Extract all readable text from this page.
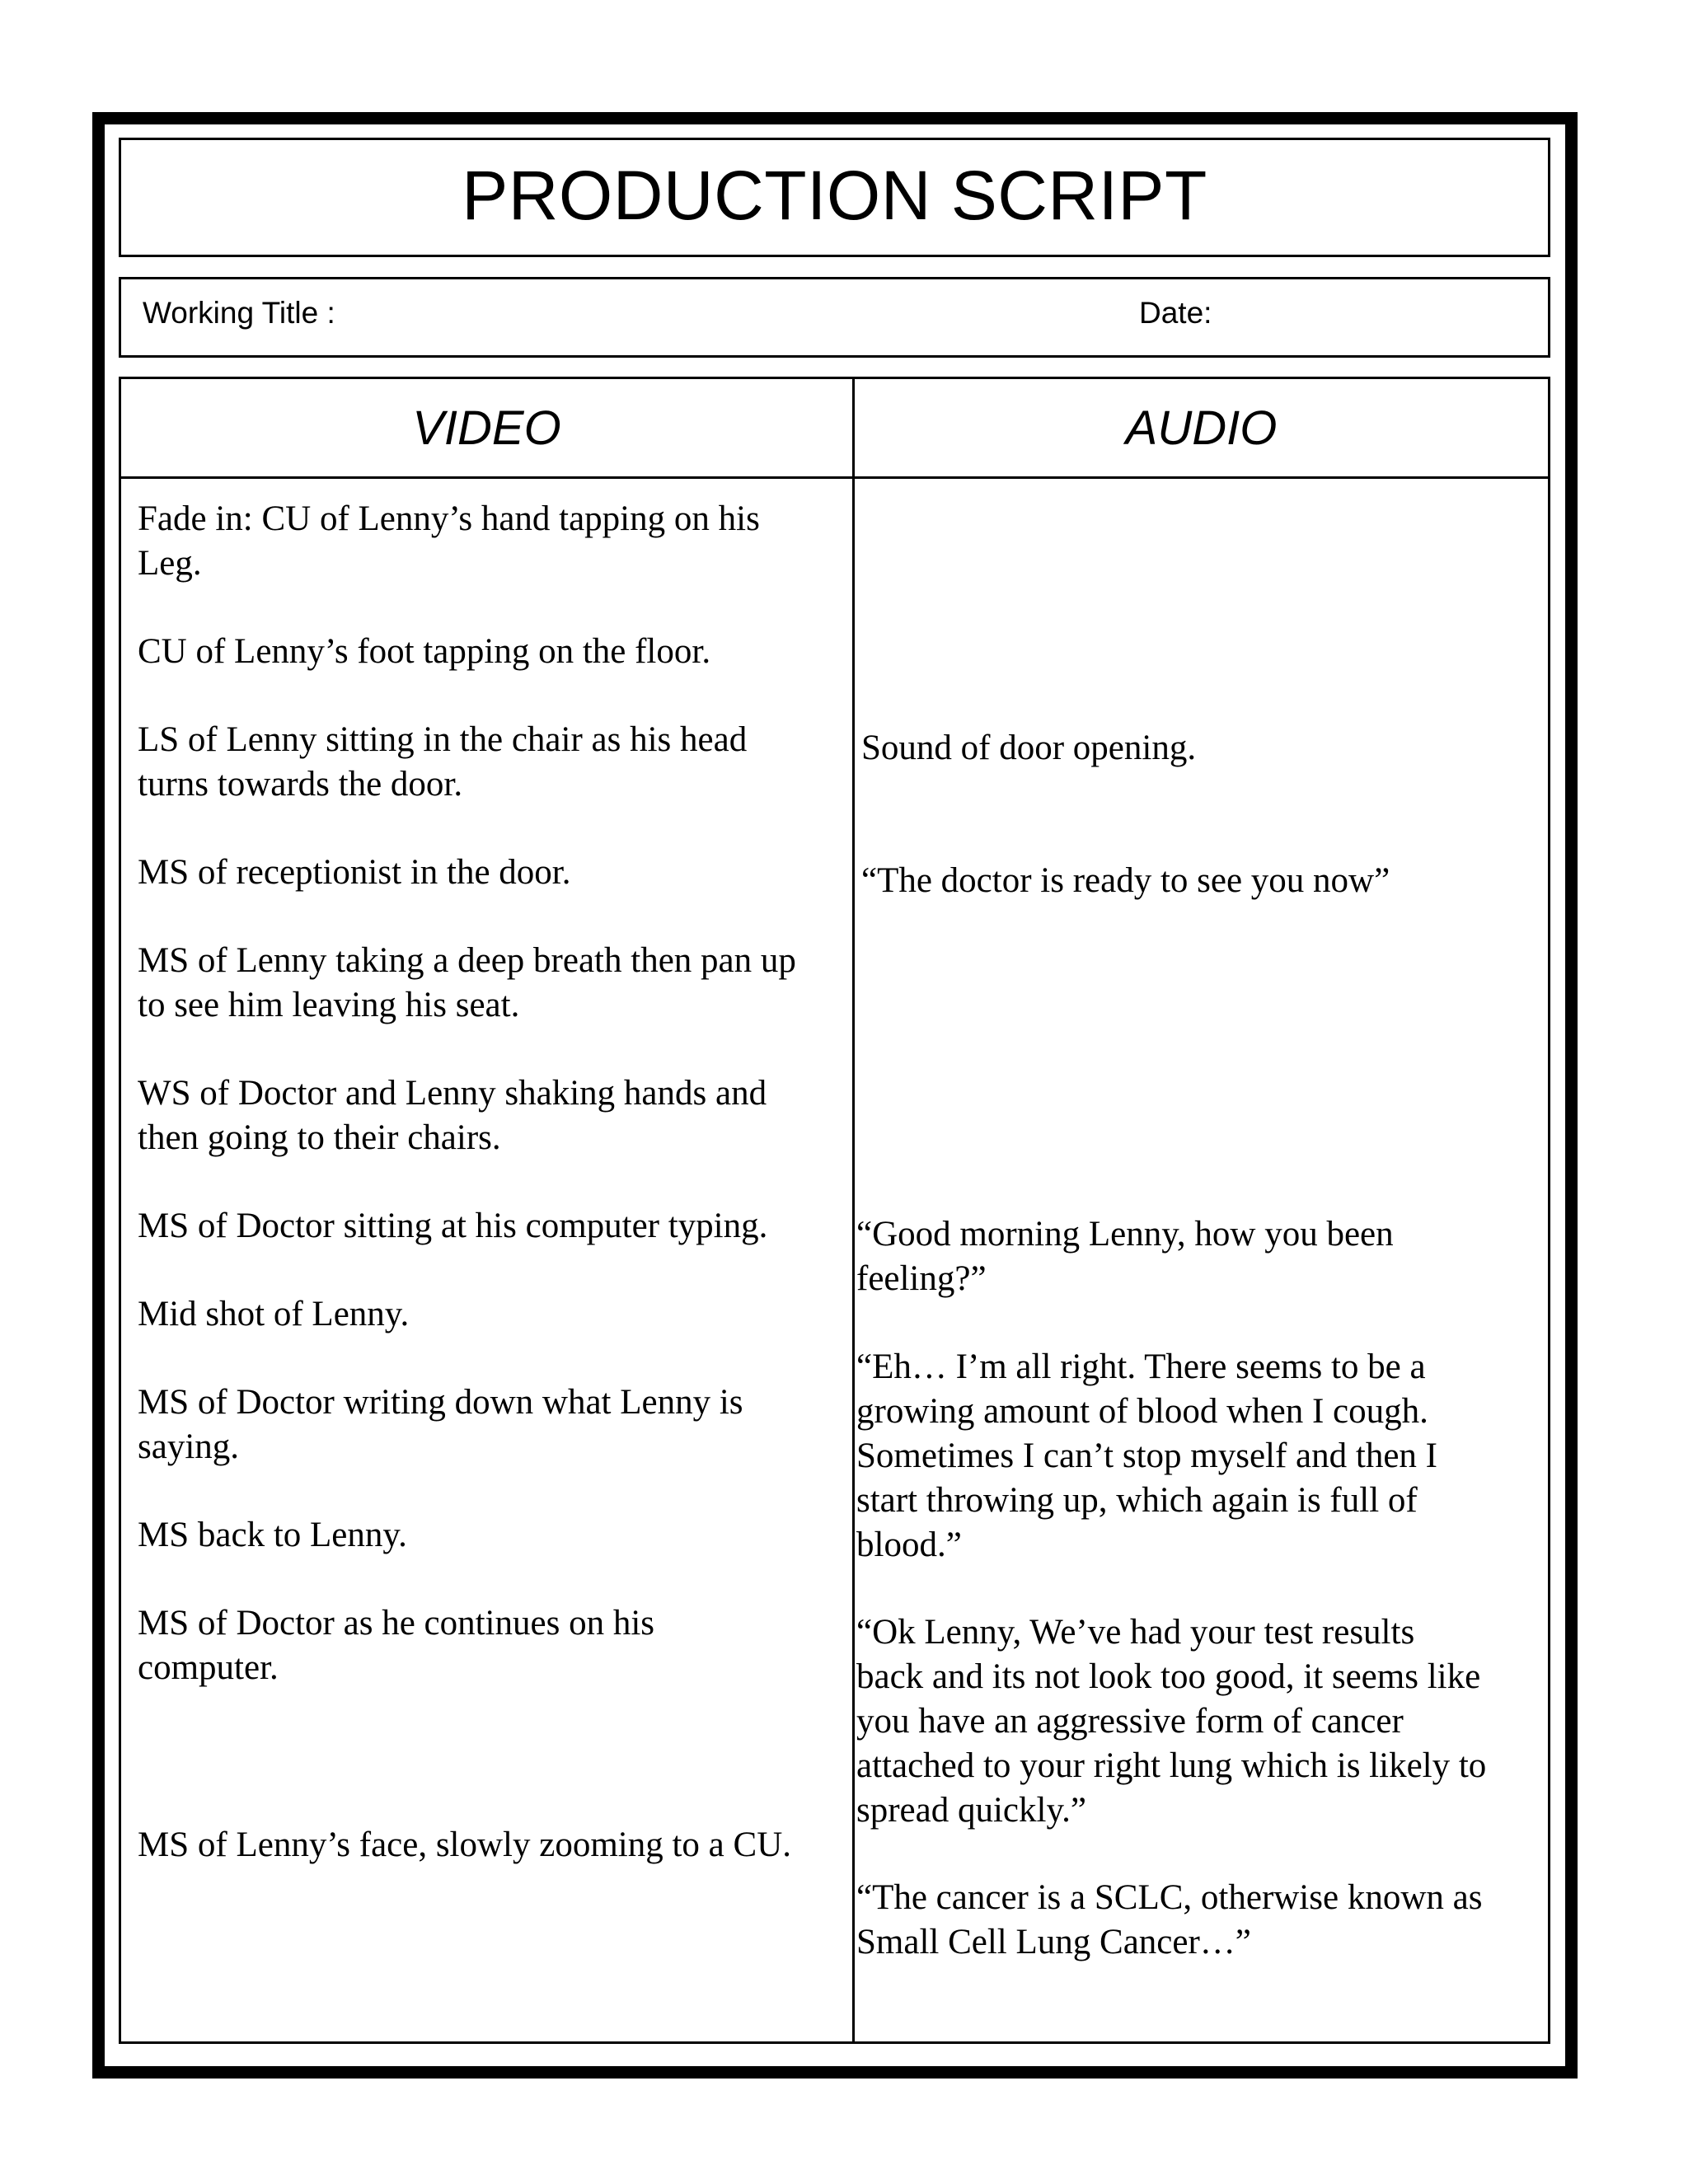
PRODUCTION SCRIPT
Working Title :	Date:
VIDEO	AUDIO
Fade in: CU of Lenny’s hand tapping on his
Leg.
CU of Lenny’s foot tapping on the floor.
LS of Lenny sitting in the chair as his head
turns towards the door.
MS of receptionist in the door.
MS of Lenny taking a deep breath then pan up
to see him leaving his seat.
WS of Doctor and Lenny shaking hands and
then going to their chairs.
MS of Doctor sitting at his computer typing.
Mid shot of Lenny.
MS of Doctor writing down what Lenny is
saying.
MS back to Lenny.
MS of Doctor as he continues on his
computer.
MS of Lenny’s face, slowly zooming to a CU.
Sound of door opening.
“The doctor is ready to see you now”
“Good morning Lenny, how you been
feeling?”
“Eh… I’m all right. There seems to be a
growing amount of blood when I cough.
Sometimes I can’t stop myself and then I
start throwing up, which again is full of
blood.”
“Ok Lenny, We’ve had your test results
back and its not look too good, it seems like
you have an aggressive form of cancer
attached to your right lung which is likely to
spread quickly.”
“The cancer is a SCLC, otherwise known as
Small Cell Lung Cancer…”
